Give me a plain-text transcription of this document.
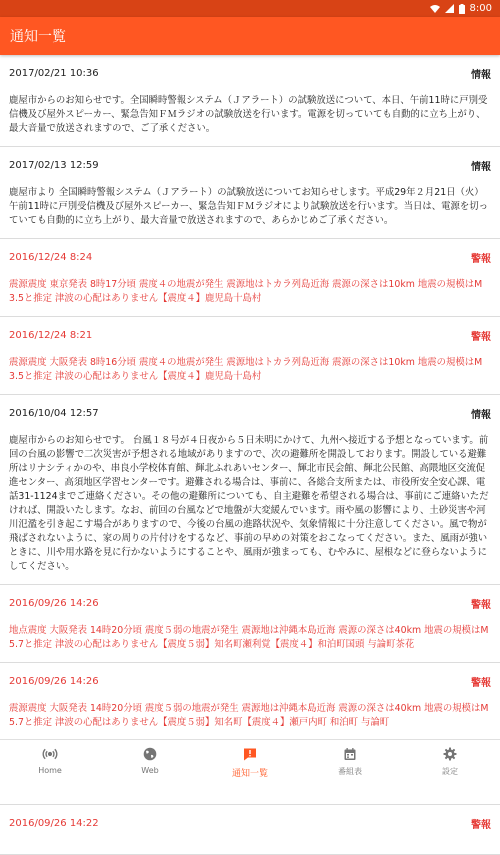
8:00
通知一覧
2017/02/21 10:36	情報
鹿屋市からのお知らせです。全国瞬時警報システム（Ｊアラート）の試験放送について、本日、午前11時に戸別受信機及び屋外スピーカー、緊急告知ＦＭラジオの試験放送を行います。電源を切っていても自動的に立ち上がり、最大音量で放送されますので、ご了承ください。
2017/02/13 12:59	情報
鹿屋市より 全国瞬時警報システム（Ｊアラート）の試験放送についてお知らせします。平成29年２月21日（火）午前11時に戸別受信機及び屋外スピーカー、緊急告知ＦＭラジオにより試験放送を行います。当日は、電源を切っていても自動的に立ち上がり、最大音量で放送されますので、あらかじめご了承ください。
2016/12/24 8:24	警報
震源震度 東京発表 8時17分頃 震度４の地震が発生 震源地はトカラ列島近海 震源の深さは10km 地震の規模はM3.5と推定 津波の心配はありません【震度４】鹿児島十島村
2016/12/24 8:21	警報
震源震度 大阪発表 8時16分頃 震度４の地震が発生 震源地はトカラ列島近海 震源の深さは10km 地震の規模はM3.5と推定 津波の心配はありません【震度４】鹿児島十島村
2016/10/04 12:57	情報
鹿屋市からのお知らせです。 台風１８号が４日夜から５日未明にかけて、九州へ接近する予想となっています。前回の台風の影響で二次災害が予想される地域がありますので、次の避難所を開設しております。開設している避難所はリナシティかのや、串良小学校体育館、輝北ふれあいセンター、輝北市民会館、輝北公民館、高隈地区交流促進センター、高須地区学習センターです。避難される場合は、事前に、各総合支所または、市役所安全安心課、電話31-1124までご連絡ください。その他の避難所についても、自主避難を希望される場合は、事前にご連絡いただければ、開設いたします。なお、前回の台風などで地盤が大変緩んでいます。雨や風の影響により、土砂災害や河川氾濫を引き起こす場合がありますので、今後の台風の進路状況や、気象情報に十分注意してください。風で物が飛ばされないように、家の周りの片付けをするなど、事前の早めの対策をおこなってください。また、風雨が強いときに、川や用水路を見に行かないようにすることや、風雨が強まっても、むやみに、屋根などに登らないようにしてください。
2016/09/26 14:26	警報
地点震度 大阪発表 14時20分頃 震度５弱の地震が発生 震源地は沖縄本島近海 震源の深さは40km 地震の規模はM5.7と推定 津波の心配はありません【震度５弱】知名町瀬利覚【震度４】和泊町国頭 与論町茶花
2016/09/26 14:26	警報
震源震度 大阪発表 14時20分頃 震度５弱の地震が発生 震源地は沖縄本島近海 震源の深さは40km 地震の規模はM5.7と推定 津波の心配はありません【震度５弱】知名町【震度４】瀬戸内町 和泊町 与論町
2016/09/26 14:22	警報
Home	Web	通知一覧	番組表	設定
